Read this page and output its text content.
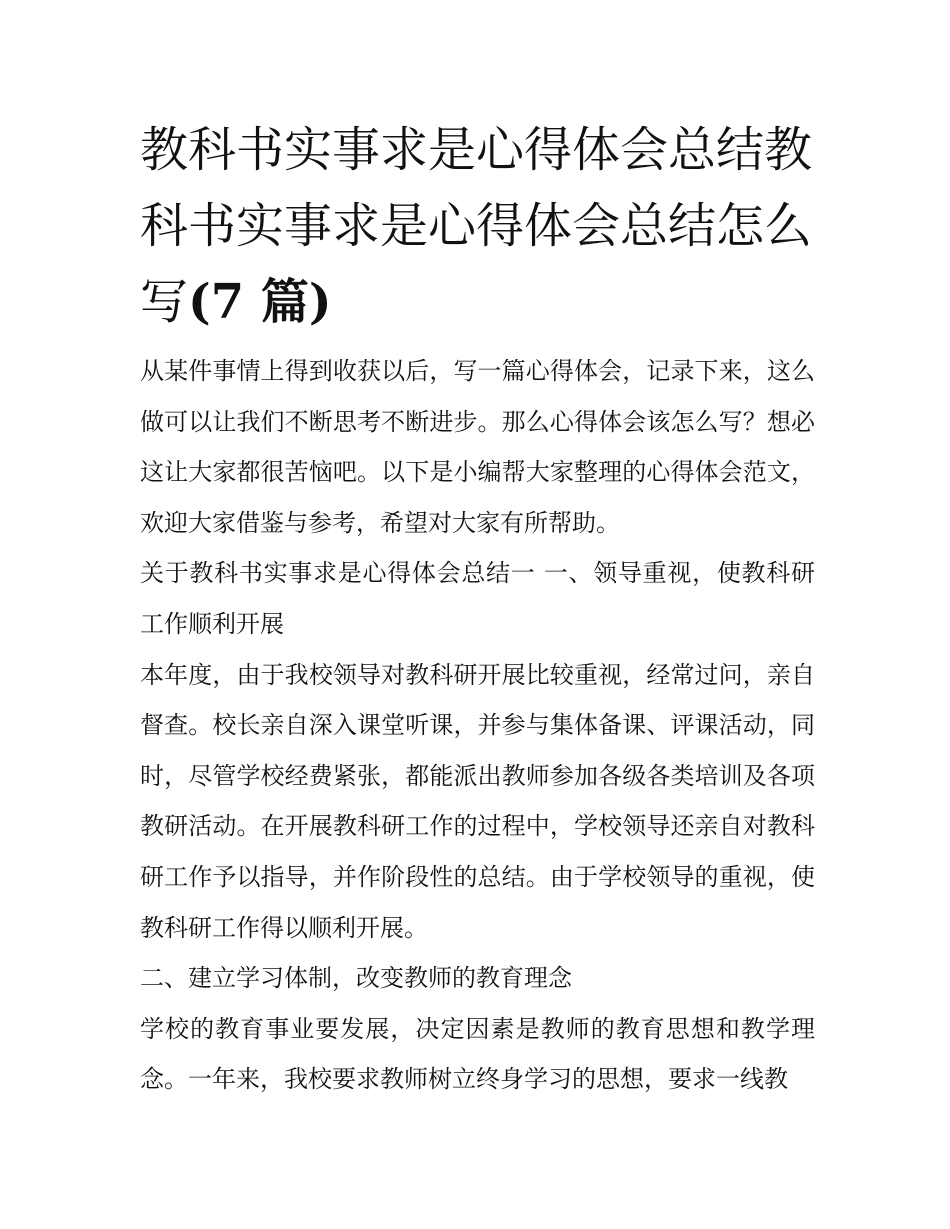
教科书实事求是心得体会总结教科书实事求是心得体会总结怎么写(7 篇)

从某件事情上得到收获以后，写一篇心得体会，记录下来，这么做可以让我们不断思考不断进步。那么心得体会该怎么写？想必这让大家都很苦恼吧。以下是小编帮大家整理的心得体会范文，欢迎大家借鉴与参考，希望对大家有所帮助。

关于教科书实事求是心得体会总结一 一、领导重视，使教科研工作顺利开展

本年度，由于我校领导对教科研开展比较重视，经常过问，亲自督查。校长亲自深入课堂听课，并参与集体备课、评课活动，同时，尽管学校经费紧张，都能派出教师参加各级各类培训及各项教研活动。在开展教科研工作的过程中，学校领导还亲自对教科研工作予以指导，并作阶段性的总结。由于学校领导的重视，使教科研工作得以顺利开展。

二、建立学习体制，改变教师的教育理念

学校的教育事业要发展，决定因素是教师的教育思想和教学理念。一年来，我校要求教师树立终身学习的思想，要求一线教
